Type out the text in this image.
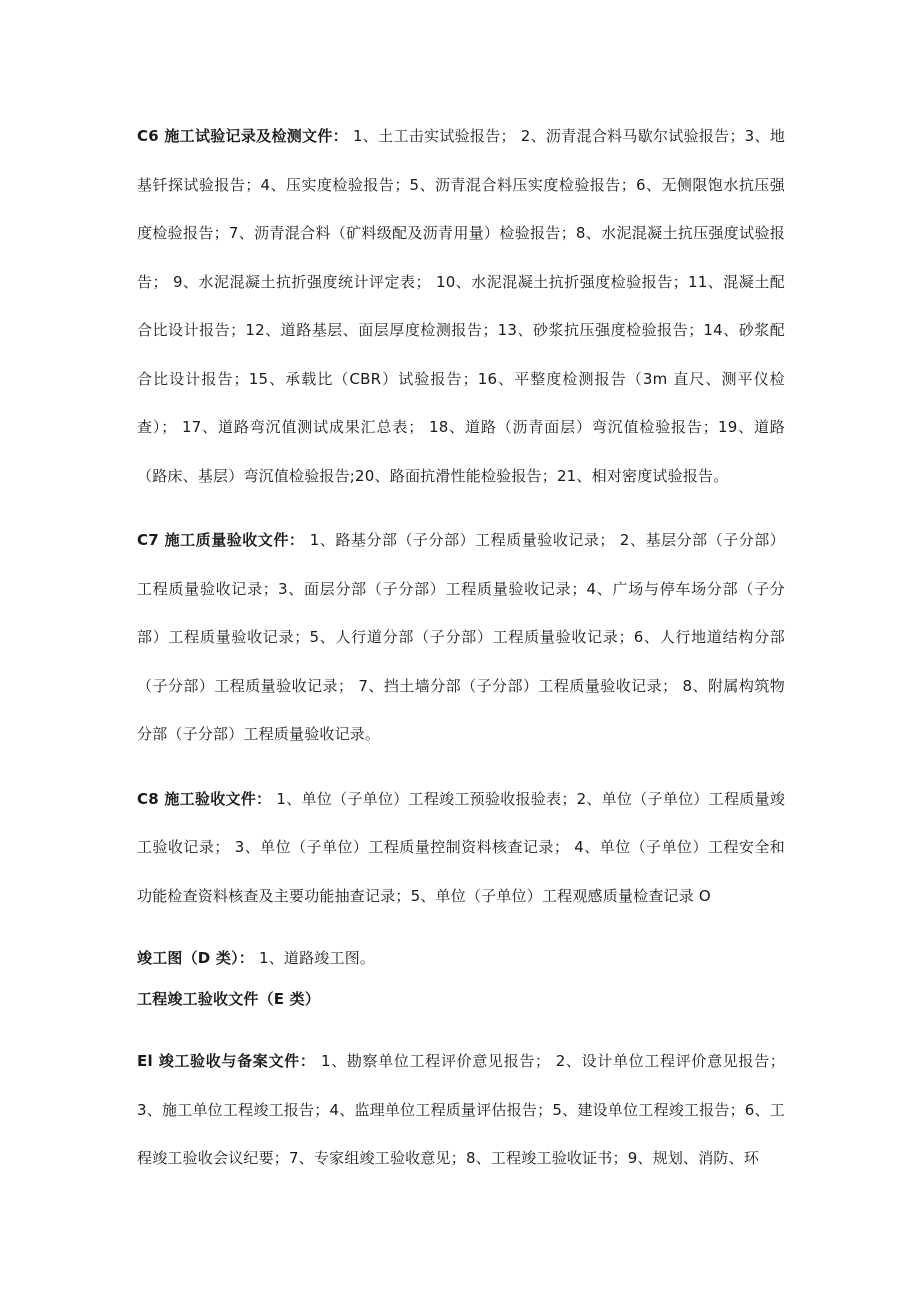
C6 施工试验记录及检测文件： 1、土工击实试验报告； 2、沥青混合料马歇尔试验报告；3、地基钎探试验报告；4、压实度检验报告；5、沥青混合料压实度检验报告；6、无侧限饱水抗压强度检验报告；7、沥青混合料（矿料级配及沥青用量）检验报告；8、水泥混凝土抗压强度试验报告； 9、水泥混凝土抗折强度统计评定表； 10、水泥混凝土抗折强度检验报告；11、混凝土配合比设计报告；12、道路基层、面层厚度检测报告；13、砂浆抗压强度检验报告；14、砂浆配合比设计报告；15、承载比（CBR）试验报告；16、平整度检测报告（3m 直尺、测平仪检查）； 17、道路弯沉值测试成果汇总表； 18、道路（沥青面层）弯沉值检验报告；19、道路（路床、基层）弯沉值检验报告;20、路面抗滑性能检验报告；21、相对密度试验报告。

C7 施工质量验收文件： 1、路基分部（子分部）工程质量验收记录； 2、基层分部（子分部）工程质量验收记录；3、面层分部（子分部）工程质量验收记录；4、广场与停车场分部（子分部）工程质量验收记录；5、人行道分部（子分部）工程质量验收记录；6、人行地道结构分部（子分部）工程质量验收记录； 7、挡土墙分部（子分部）工程质量验收记录； 8、附属构筑物分部（子分部）工程质量验收记录。

C8 施工验收文件： 1、单位（子单位）工程竣工预验收报验表；2、单位（子单位）工程质量竣工验收记录； 3、单位（子单位）工程质量控制资料核查记录； 4、单位（子单位）工程安全和功能检查资料核查及主要功能抽查记录；5、单位（子单位）工程观感质量检查记录 O

竣工图（D 类）： 1、道路竣工图。

工程竣工验收文件（E 类）

El 竣工验收与备案文件： 1、勘察单位工程评价意见报告； 2、设计单位工程评价意见报告；3、施工单位工程竣工报告；4、监理单位工程质量评估报告；5、建设单位工程竣工报告；6、工程竣工验收会议纪要；7、专家组竣工验收意见；8、工程竣工验收证书；9、规划、消防、环
